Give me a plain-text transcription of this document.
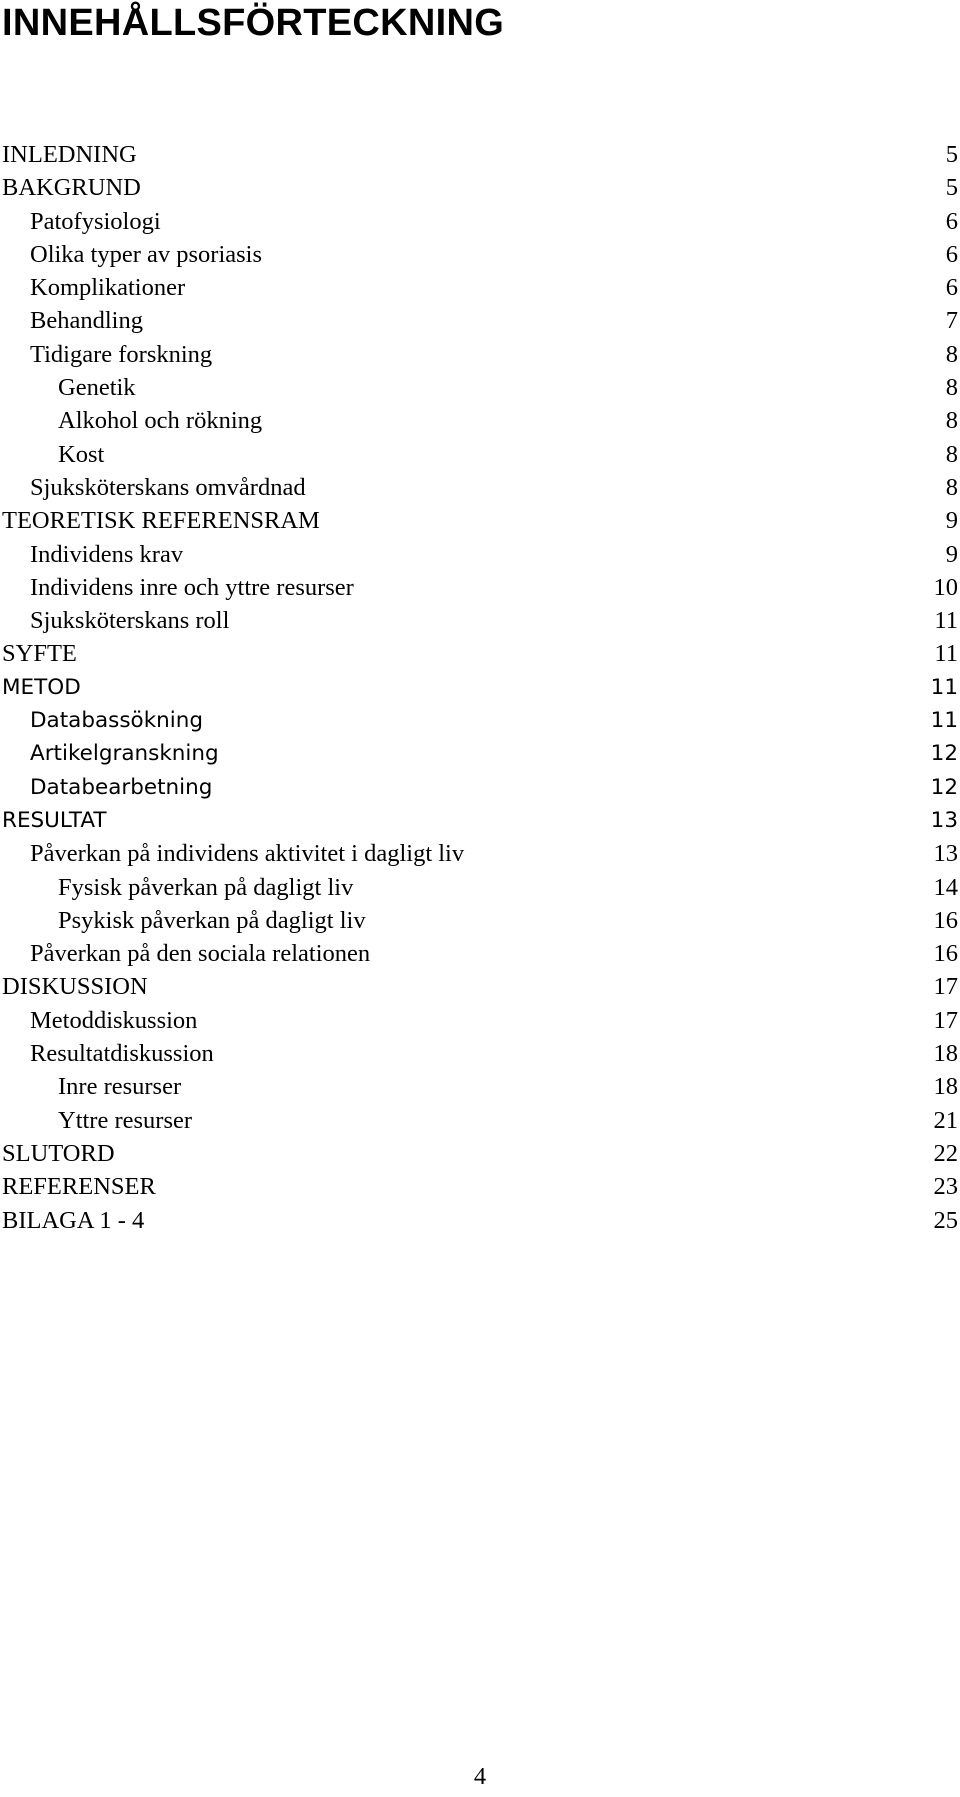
INNEHÅLLSFÖRTECKNING
INLEDNING	5
BAKGRUND	5
Patofysiologi	6
Olika typer av psoriasis	6
Komplikationer	6
Behandling	7
Tidigare forskning	8
Genetik	8
Alkohol och rökning	8
Kost	8
Sjuksköterskans omvårdnad	8
TEORETISK REFERENSRAM	9
Individens krav	9
Individens inre och yttre resurser	10
Sjuksköterskans roll	11
SYFTE	11
METOD	11
Databassökning	11
Artikelgranskning	12
Databearbetning	12
RESULTAT	13
Påverkan på individens aktivitet i dagligt liv	13
Fysisk påverkan på dagligt liv	14
Psykisk påverkan på dagligt liv	16
Påverkan på den sociala relationen	16
DISKUSSION	17
Metoddiskussion	17
Resultatdiskussion	18
Inre resurser	18
Yttre resurser	21
SLUTORD	22
REFERENSER	23
BILAGA 1 - 4	25
4
